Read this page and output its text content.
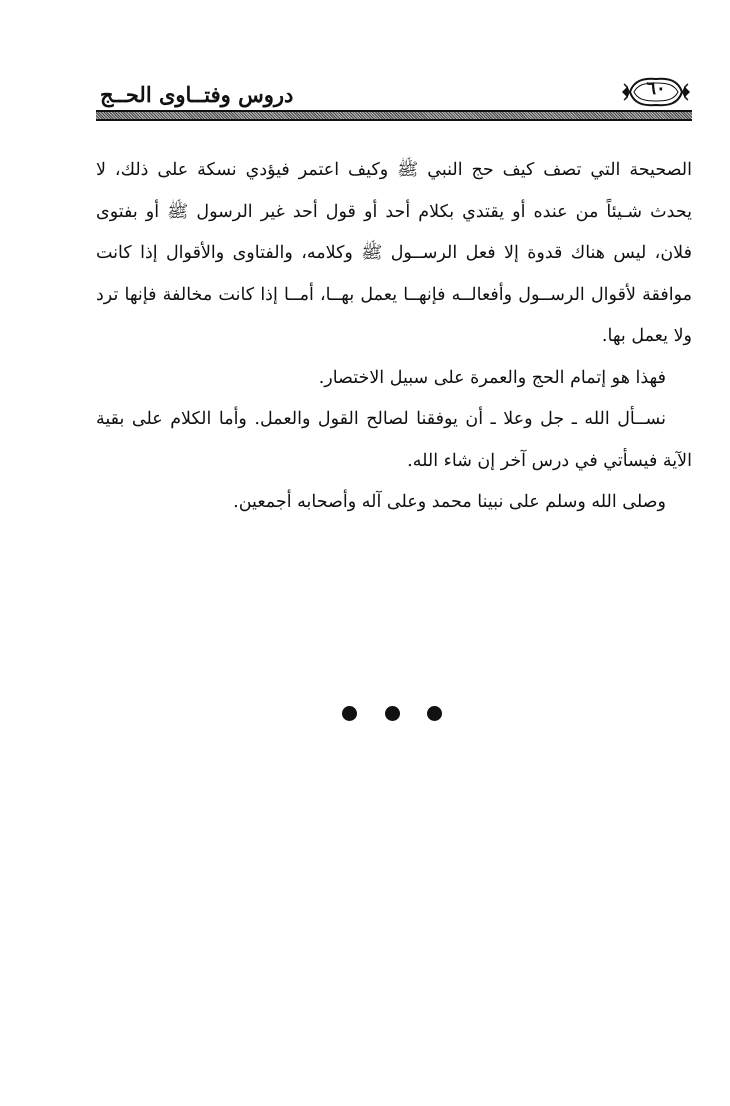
دروس وفتــاوى الحــج	٦٠

الصحيحة التي تصف كيف حج النبي ﷺ وكيف اعتمر فيؤدي نسكة على ذلك، لا يحدث شـيئاً من عنده أو يقتدي بكلام أحد أو قول أحد غير الرسول ﷺ أو بفتوى فلان، ليس هناك قدوة إلا فعل الرســول ﷺ وكلامه، والفتاوى والأقوال إذا كانت موافقة لأقوال الرســول وأفعالــه فإنهــا يعمل بهــا، أمــا إذا كانت مخالفة فإنها ترد ولا يعمل بها.

فهذا هو إتمام الحج والعمرة على سبيل الاختصار.

نســأل الله ـ جل وعلا ـ أن يوفقنا لصالح القول والعمل. وأما الكلام على بقية الآية فيسأتي في درس آخر إن شاء الله.

وصلى الله وسلم على نبينا محمد وعلى آله وأصحابه أجمعين.
